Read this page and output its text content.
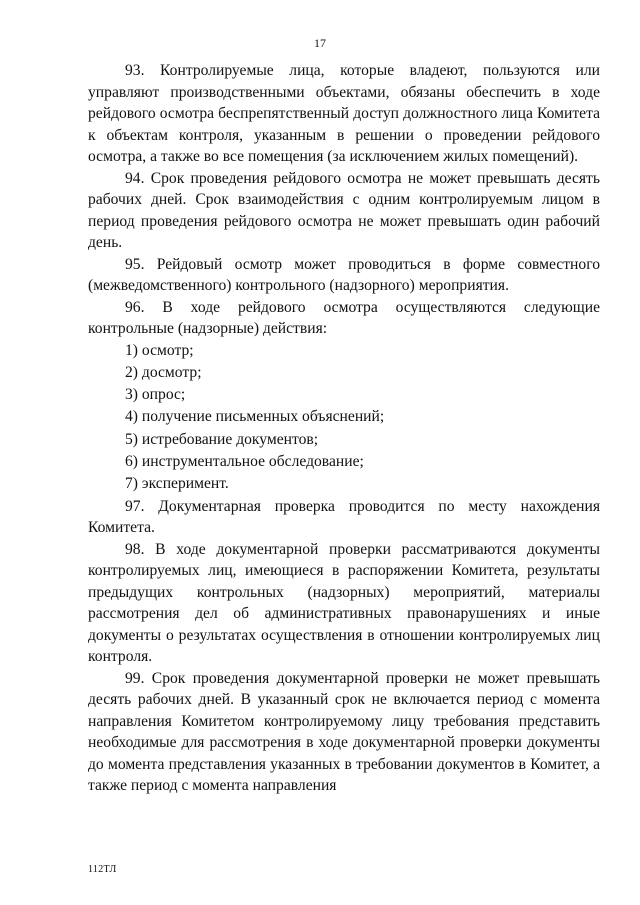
17

93. Контролируемые лица, которые владеют, пользуются или управляют производственными объектами, обязаны обеспечить в ходе рейдового осмотра беспрепятственный доступ должностного лица Комитета к объектам контроля, указанным в решении о проведении рейдового осмотра, а также во все помещения (за исключением жилых помещений).

94. Срок проведения рейдового осмотра не может превышать десять рабочих дней. Срок взаимодействия с одним контролируемым лицом в период проведения рейдового осмотра не может превышать один рабочий день.

95. Рейдовый осмотр может проводиться в форме совместного (межведомственного) контрольного (надзорного) мероприятия.

96. В ходе рейдового осмотра осуществляются следующие контрольные (надзорные) действия:

1) осмотр;

2) досмотр;

3) опрос;

4) получение письменных объяснений;

5) истребование документов;

6) инструментальное обследование;

7) эксперимент.

97. Документарная проверка проводится по месту нахождения Комитета.

98. В ходе документарной проверки рассматриваются документы контролируемых лиц, имеющиеся в распоряжении Комитета, результаты предыдущих контрольных (надзорных) мероприятий, материалы рассмотрения дел об административных правонарушениях и иные документы о результатах осуществления в отношении контролируемых лиц контроля.

99. Срок проведения документарной проверки не может превышать десять рабочих дней. В указанный срок не включается период с момента направления Комитетом контролируемому лицу требования представить необходимые для рассмотрения в ходе документарной проверки документы до момента представления указанных в требовании документов в Комитет, а также период с момента направления

112ТЛ
